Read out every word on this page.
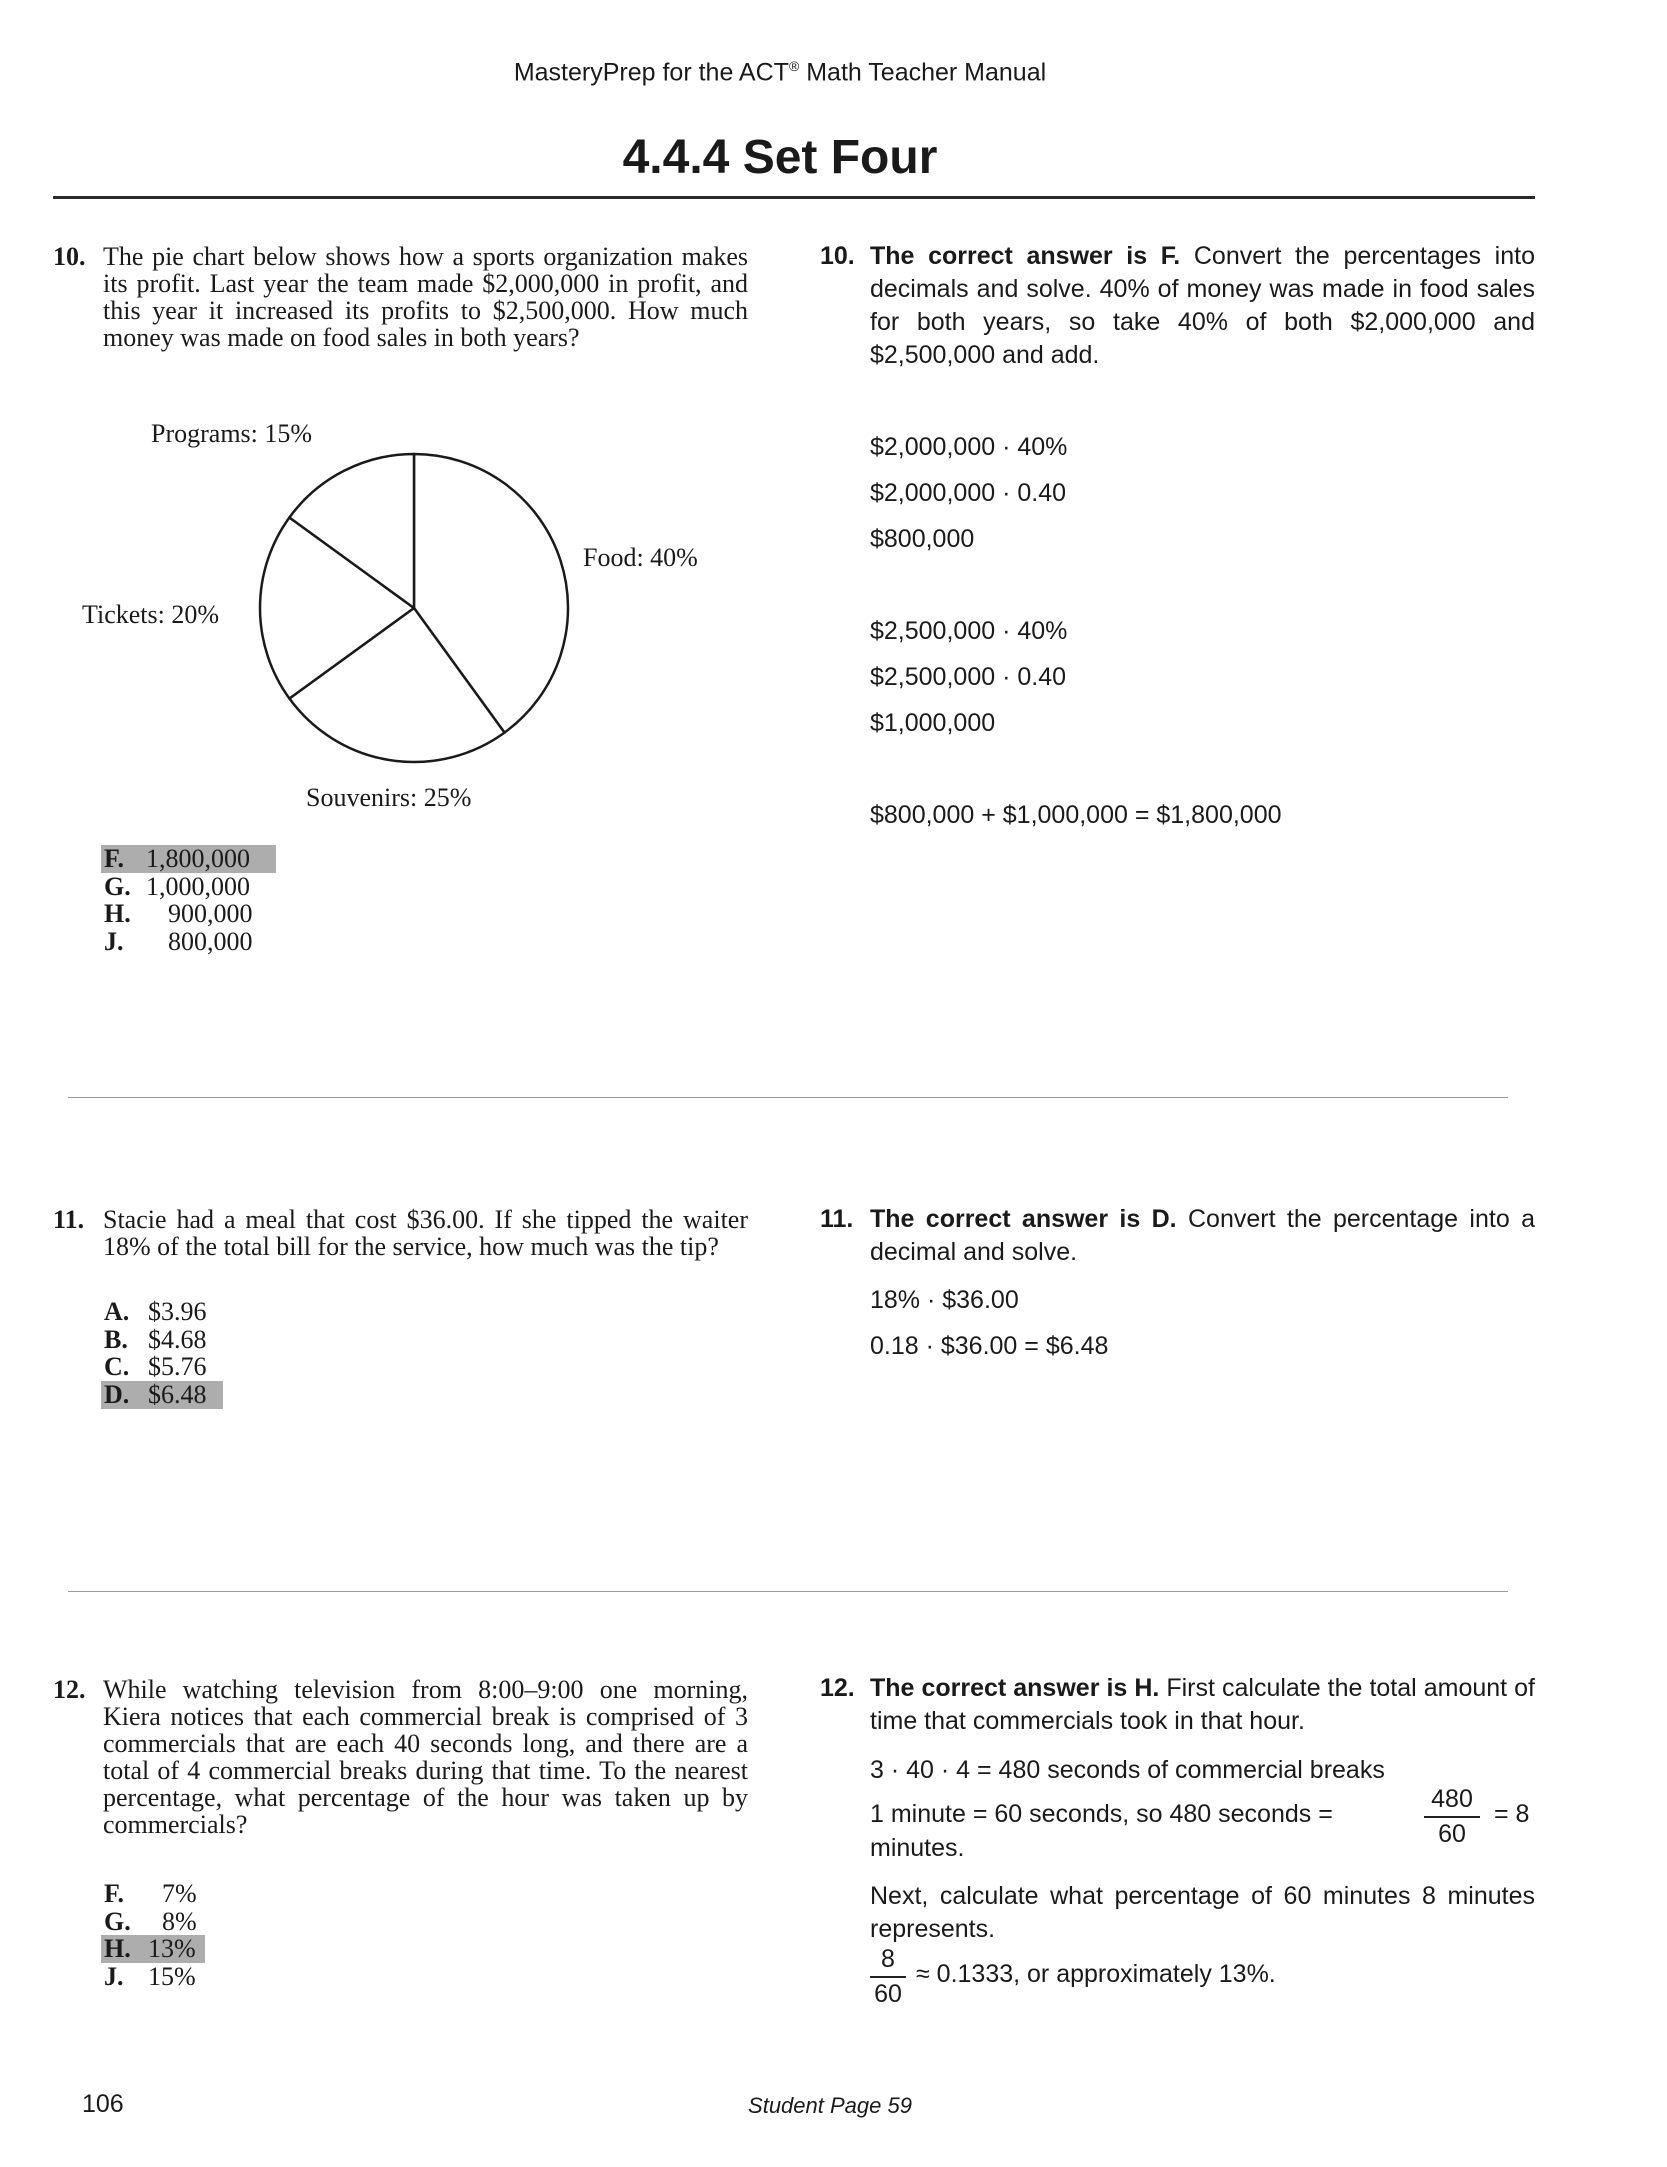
MasteryPrep for the ACT® Math Teacher Manual
4.4.4 Set Four
10. The pie chart below shows how a sports organization makes its profit. Last year the team made $2,000,000 in profit, and this year it increased its profits to $2,500,000. How much money was made on food sales in both years?
Food: 40%
Souvenirs: 25%
Tickets: 20%
Programs: 15%
F. 1,800,000
G. 1,000,000
H. 900,000
J. 800,000
10. The correct answer is F. Convert the percentages into decimals and solve. 40% of money was made in food sales for both years, so take 40% of both $2,000,000 and $2,500,000 and add.
$2,000,000 · 40%
$2,000,000 · 0.40
$800,000
$2,500,000 · 40%
$2,500,000 · 0.40
$1,000,000
$800,000 + $1,000,000 = $1,800,000
11. Stacie had a meal that cost $36.00. If she tipped the waiter 18% of the total bill for the service, how much was the tip?
A. $3.96
B. $4.68
C. $5.76
D. $6.48
11. The correct answer is D. Convert the percentage into a decimal and solve.
18% · $36.00
0.18 · $36.00 = $6.48
12. While watching television from 8:00–9:00 one morning, Kiera notices that each commercial break is comprised of 3 commercials that are each 40 seconds long, and there are a total of 4 commercial breaks during that time. To the nearest percentage, what percentage of the hour was taken up by commercials?
F. 7%
G. 8%
H. 13%
J. 15%
12. The correct answer is H. First calculate the total amount of time that commercials took in that hour.
3 · 40 · 4 = 480 seconds of commercial breaks
1 minute = 60 seconds, so 480 seconds =
480
60
= 8
minutes.
Next, calculate what percentage of 60 minutes 8 minutes represents.
8
60
≈ 0.1333, or approximately 13%.
106	Student Page 59
